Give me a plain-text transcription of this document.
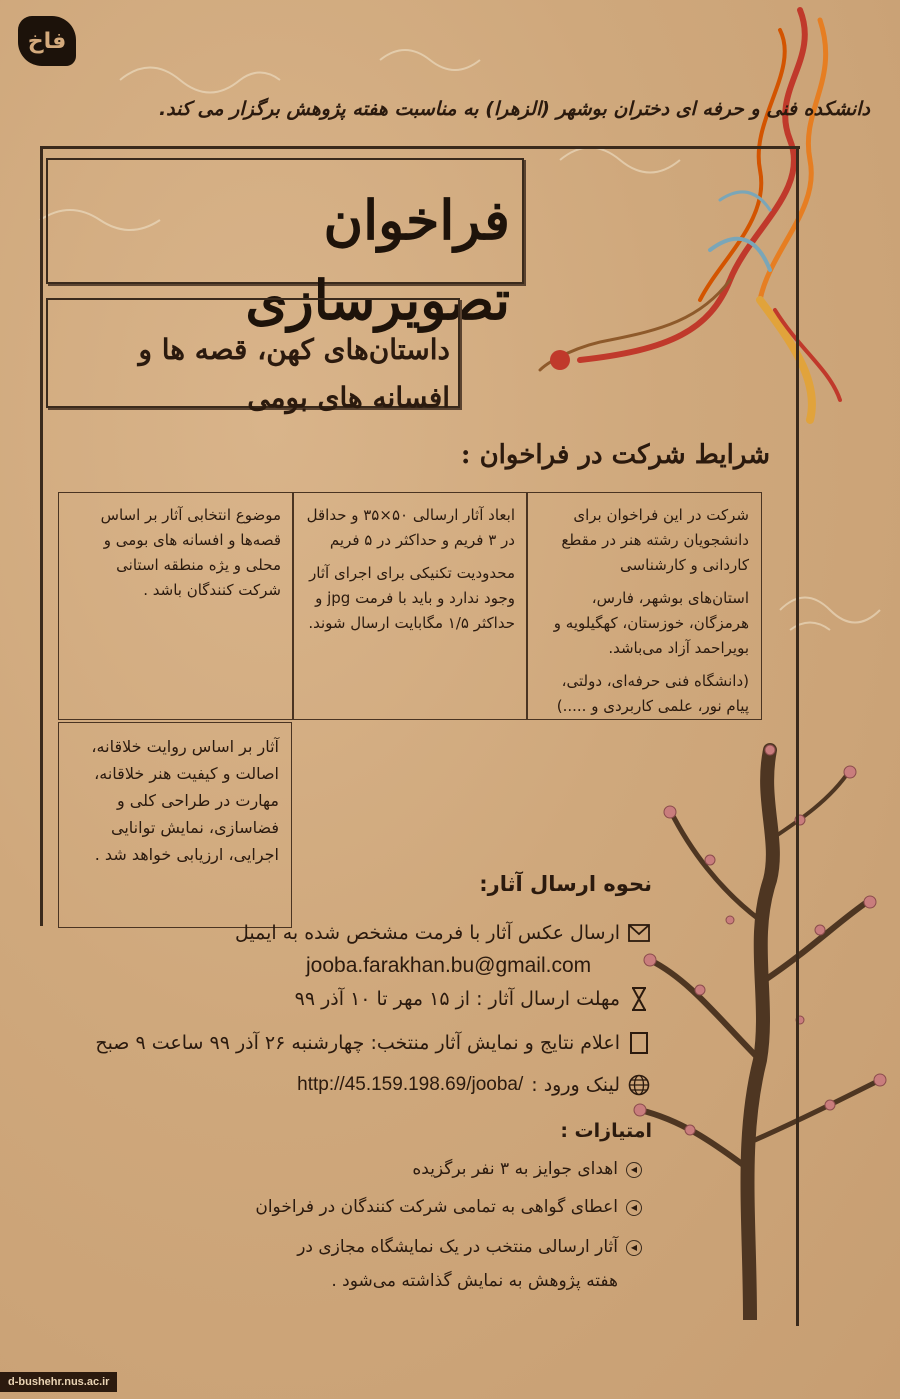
فاخ
دانشکده فنی و حرفه ای دختران بوشهر (الزهرا) به مناسبت هفته پژوهش برگزار می کند.
فراخوان تصویرسازی
داستان‌های کهن، قصه ها و افسانه های بومی
شرایط شرکت در فراخوان :

شرکت در این فراخوان برای دانشجویان رشته هنر در مقطع کاردانی و کارشناسی

استان‌های بوشهر، فارس، هرمزگان، خوزستان، کهگیلویه و بویراحمد آزاد می‌باشد.

(دانشگاه فنی حرفه‌ای، دولتی، پیام نور، علمی کاربردی و .....)

ابعاد آثار ارسالی ۵۰×۳۵ و حداقل در ۳ فریم و حداکثر در ۵ فریم

محدودیت تکنیکی برای اجرای آثار وجود ندارد و باید با فرمت jpg و حداکثر ۱/۵ مگابایت ارسال شوند.

موضوع انتخابی آثار بر اساس قصه‌ها و افسانه های بومی و محلی و یژه منطقه استانی شرکت کنندگان باشد .

آثار بر اساس روایت خلاقانه، اصالت و کیفیت هنر خلاقانه، مهارت در طراحی کلی و فضاسازی، نمایش توانایی اجرایی، ارزیابی خواهد شد .

نحوه ارسال آثار:
ارسال عکس آثار با فرمت مشخص شده به ایمیل
jooba.farakhan.bu@gmail.com
مهلت ارسال آثار : از ۱۵ مهر تا ۱۰ آذر ۹۹
اعلام نتایج و نمایش آثار منتخب: چهارشنبه ۲۶ آذر ۹۹ ساعت ۹ صبح
لینک ورود :
http://45.159.198.69/jooba/
امتیازات :
◀
اهدای جوایز به ۳ نفر برگزیده
◀
اعطای گواهی به تمامی شرکت کنندگان در فراخوان
◀
آثار ارسالی منتخب در یک نمایشگاه مجازی در هفته پژوهش به نمایش گذاشته می‌شود .
d-bushehr.nus.ac.ir
